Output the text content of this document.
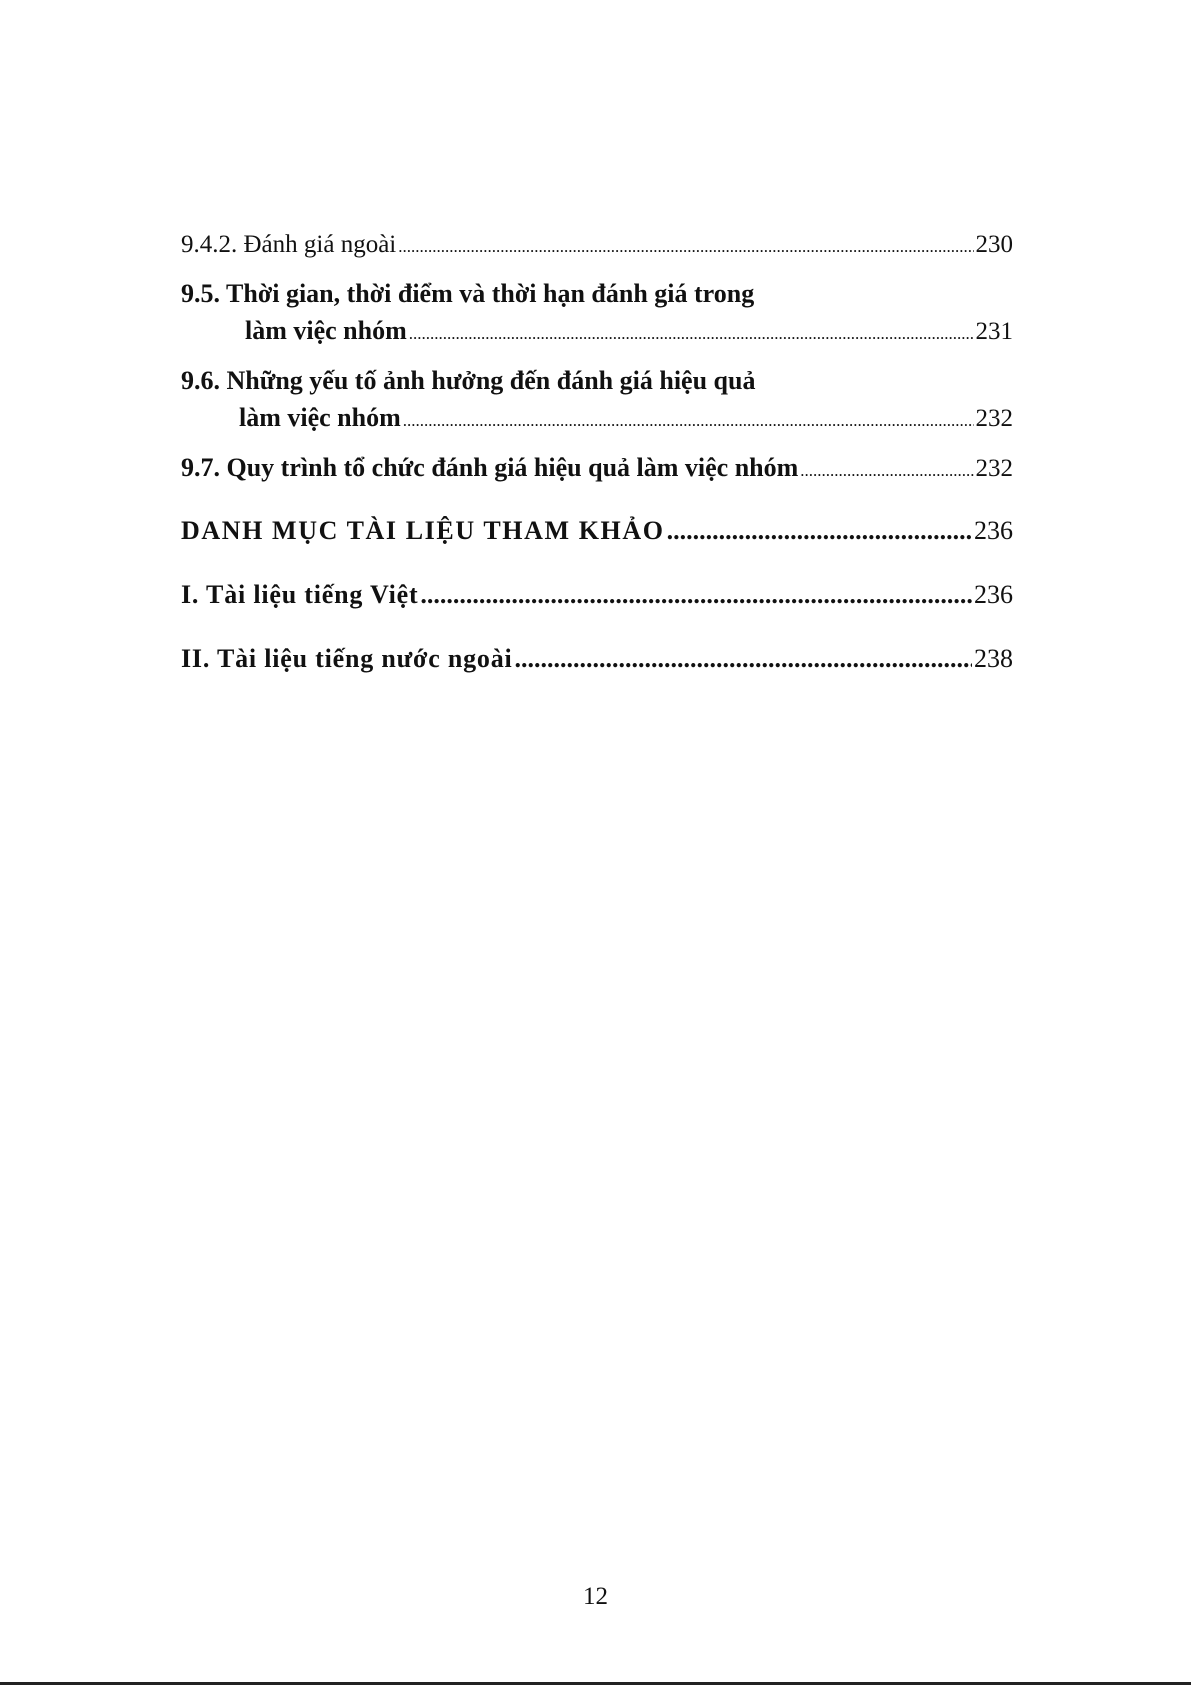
9.4.2. Đánh giá ngoài .....	230
9.5. Thời gian, thời điểm và thời hạn đánh giá trong
làm việc nhóm .....	231
9.6. Những yếu tố ảnh hưởng đến đánh giá hiệu quả
làm việc nhóm .....	232
9.7. Quy trình tổ chức đánh giá hiệu quả làm việc nhóm .....	232
DANH MỤC TÀI LIỆU THAM KHẢO .....	236
I. Tài liệu tiếng Việt .....	236
II. Tài liệu tiếng nước ngoài .....	238
12
